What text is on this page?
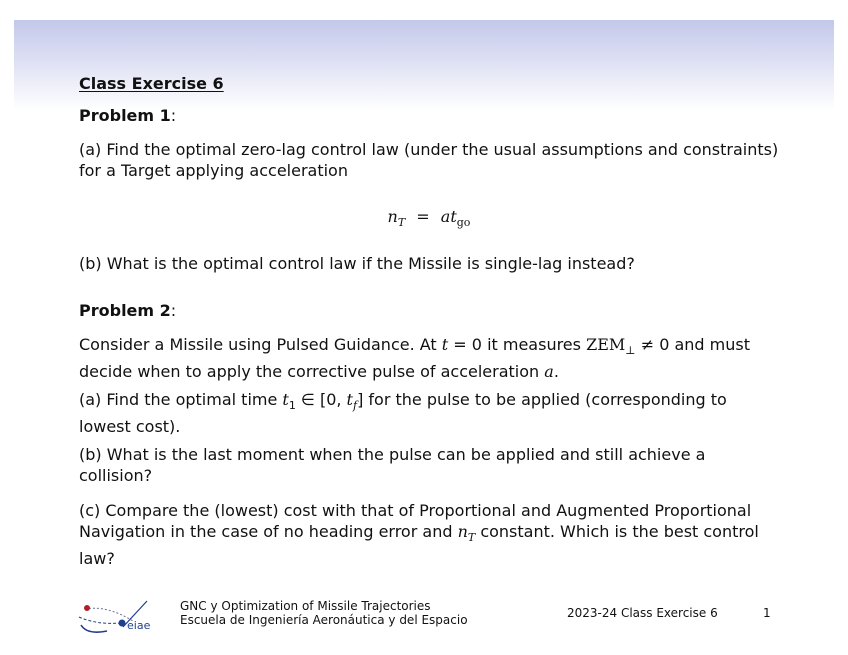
Class Exercise 6
Problem 1:
(a) Find the optimal zero-lag control law (under the usual assumptions and constraints) for a Target applying acceleration
$n_T = at_{go}$
(b) What is the optimal control law if the Missile is single-lag instead?
Problem 2:
Consider a Missile using Pulsed Guidance. At t = 0 it measures $ZEM_\perp \ne 0$ and must decide when to apply the corrective pulse of acceleration a.
(a) Find the optimal time $t_1$ ∈ [0, $t_f$] for the pulse to be applied (corresponding to lowest cost).
(b) What is the last moment when the pulse can be applied and still achieve a collision?
(c) Compare the (lowest) cost with that of Proportional and Augmented Proportional Navigation in the case of no heading error and $n_T$ constant. Which is the best control law?
eiae
GNC y Optimization of Missile Trajectories
Escuela de Ingeniería Aeronáutica y del Espacio	2023-24 Class Exercise 6	1
